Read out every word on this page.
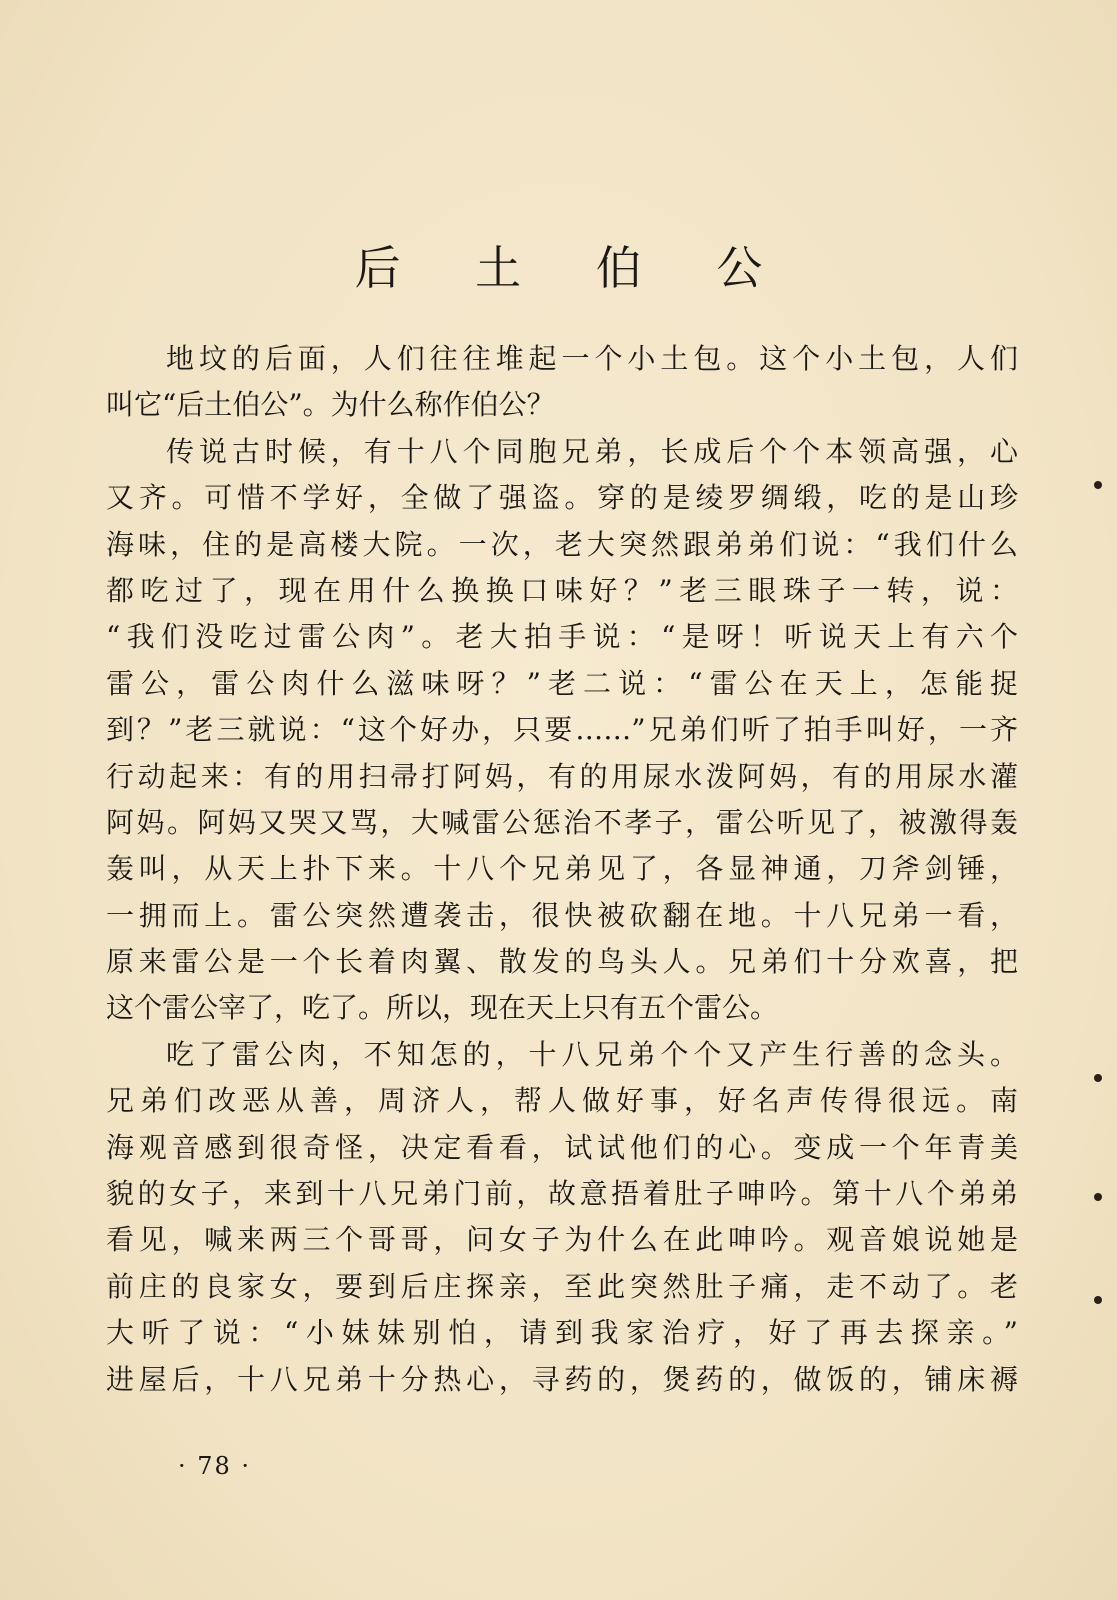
后 土 伯 公
地坟的后面，人们往往堆起一个小土包。这个小土包，人们
叫它“后土伯公”。为什么称作伯公？
传说古时候，有十八个同胞兄弟，长成后个个本领高强，心
又齐。可惜不学好，全做了强盗。穿的是绫罗绸缎，吃的是山珍
海味，住的是高楼大院。一次，老大突然跟弟弟们说：“我们什么
都吃过了，现在用什么换换口味好？”老三眼珠子一转，说：
“我们没吃过雷公肉”。老大拍手说：“是呀！听说天上有六个
雷公，雷公肉什么滋味呀？”老二说：“雷公在天上，怎能捉
到？”老三就说：“这个好办，只要……”兄弟们听了拍手叫好，一齐
行动起来：有的用扫帚打阿妈，有的用尿水泼阿妈，有的用尿水灌
阿妈。阿妈又哭又骂，大喊雷公惩治不孝子，雷公听见了，被激得轰
轰叫，从天上扑下来。十八个兄弟见了，各显神通，刀斧剑锤，
一拥而上。雷公突然遭袭击，很快被砍翻在地。十八兄弟一看，
原来雷公是一个长着肉翼、散发的鸟头人。兄弟们十分欢喜，把
这个雷公宰了，吃了。所以，现在天上只有五个雷公。
吃了雷公肉，不知怎的，十八兄弟个个又产生行善的念头。
兄弟们改恶从善，周济人，帮人做好事，好名声传得很远。南
海观音感到很奇怪，决定看看，试试他们的心。变成一个年青美
貌的女子，来到十八兄弟门前，故意捂着肚子呻吟。第十八个弟弟
看见，喊来两三个哥哥，问女子为什么在此呻吟。观音娘说她是
前庄的良家女，要到后庄探亲，至此突然肚子痛，走不动了。老
大听了说：“小妹妹别怕，请到我家治疗，好了再去探亲。”
进屋后，十八兄弟十分热心，寻药的，煲药的，做饭的，铺床褥
· 78 ·
